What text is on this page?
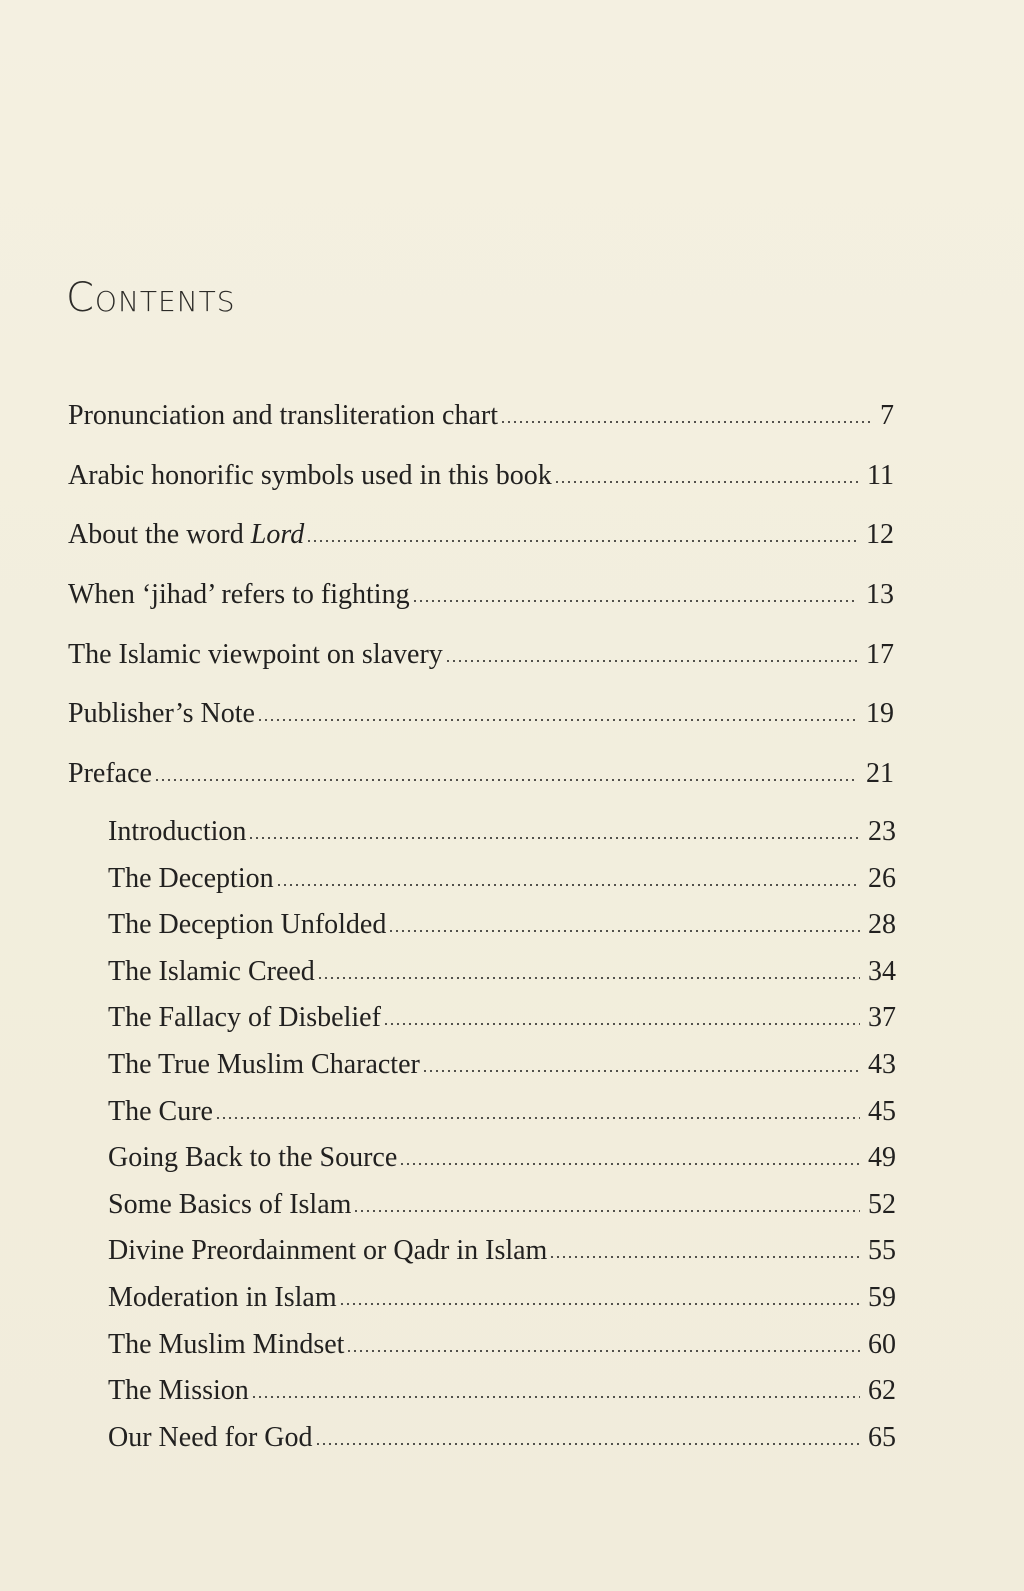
Contents
Pronunciation and transliteration chart	7
Arabic honorific symbols used in this book	11
About the word Lord	12
When ‘jihad’ refers to fighting	13
The Islamic viewpoint on slavery	17
Publisher’s Note	19
Preface	21
Introduction	23
The Deception	26
The Deception Unfolded	28
The Islamic Creed	34
The Fallacy of Disbelief	37
The True Muslim Character	43
The Cure	45
Going Back to the Source	49
Some Basics of Islam	52
Divine Preordainment or Qadr in Islam	55
Moderation in Islam	59
The Muslim Mindset	60
The Mission	62
Our Need for God	65
